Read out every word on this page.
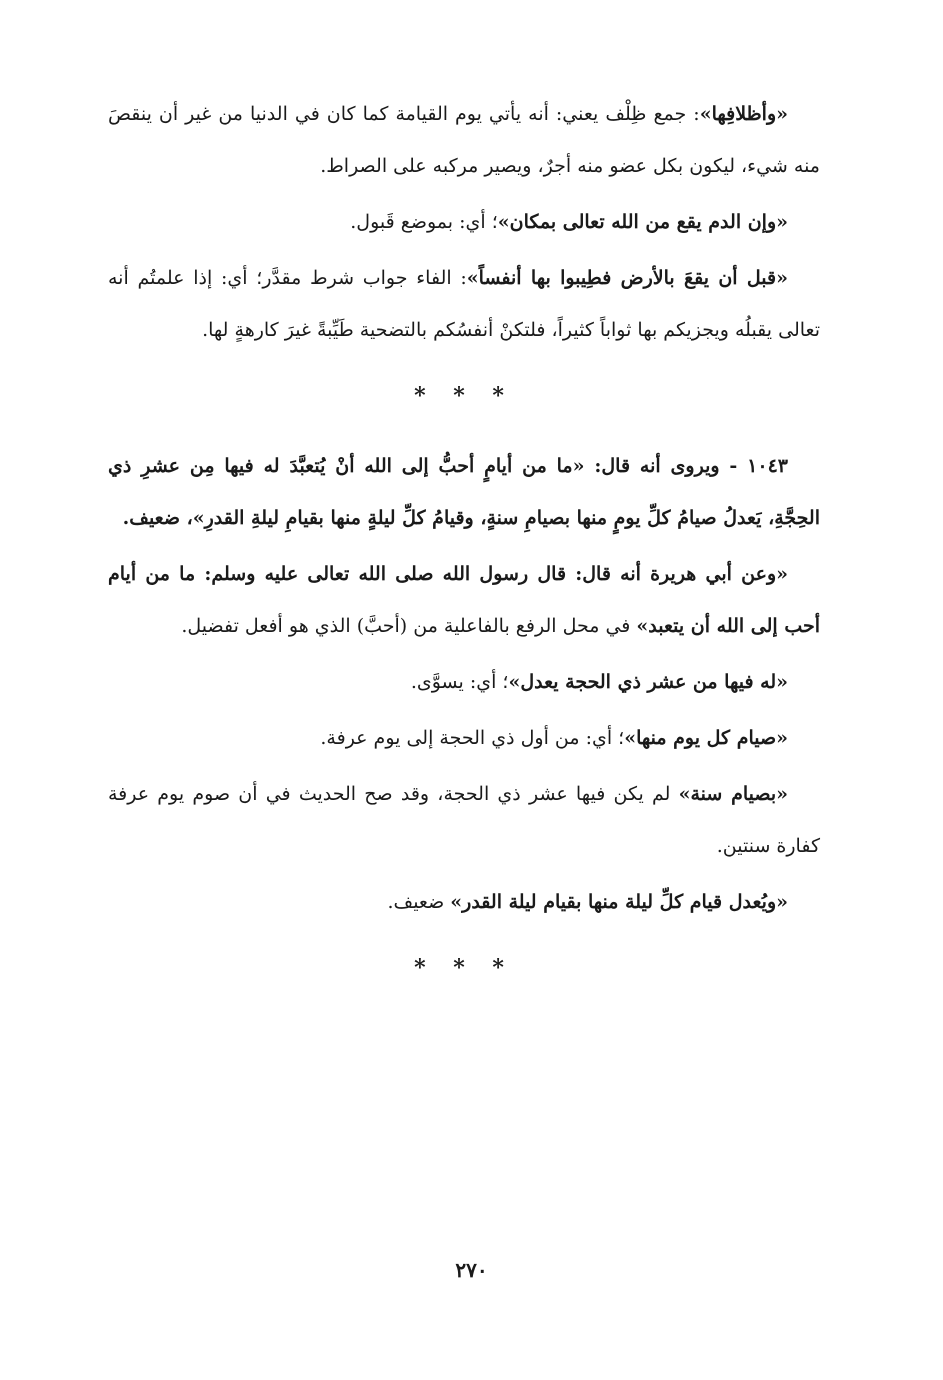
«وأظلافِها»: جمع ظِلْف يعني: أنه يأتي يوم القيامة كما كان في الدنيا من غير أن ينقصَ منه شيء، ليكون بكل عضو منه أجرٌ، ويصير مركبه على الصراط.

«وإن الدم يقع من الله تعالى بمكان»؛ أي: بموضع قَبول.

«قبل أن يقعَ بالأرض فطِيبوا بها أنفساً»: الفاء جواب شرط مقدَّر؛ أي: إذا علمتُم أنه تعالى يقبلُه ويجزيكم بها ثواباً كثيراً، فلتكنْ أنفسُكم بالتضحية طَيِّبةً غيرَ كارهةٍ لها.

* * *

١٠٤٣ - ويروى أنه قال: «ما من أيامٍ أحبُّ إلى الله أنْ يُتعبَّدَ له فيها مِن عشرِ ذي الحِجَّةِ، يَعدلُ صيامُ كلِّ يومٍ منها بصيامِ سنةٍ، وقيامُ كلِّ ليلةٍ منها بقيامِ ليلةِ القدرِ»، ضعيف.

«وعن أبي هريرة أنه قال: قال رسول الله صلى الله تعالى عليه وسلم: ما من أيام أحب إلى الله أن يتعبد» في محل الرفع بالفاعلية من (أحبَّ) الذي هو أفعل تفضيل.

«له فيها من عشر ذي الحجة يعدل»؛ أي: يسوَّى.

«صيام كل يوم منها»؛ أي: من أول ذي الحجة إلى يوم عرفة.

«بصيام سنة» لم يكن فيها عشر ذي الحجة، وقد صح الحديث في أن صوم يوم عرفة كفارة سنتين.

«ويُعدل قيام كلِّ ليلة منها بقيام ليلة القدر» ضعيف.

* * *
٢٧٠
